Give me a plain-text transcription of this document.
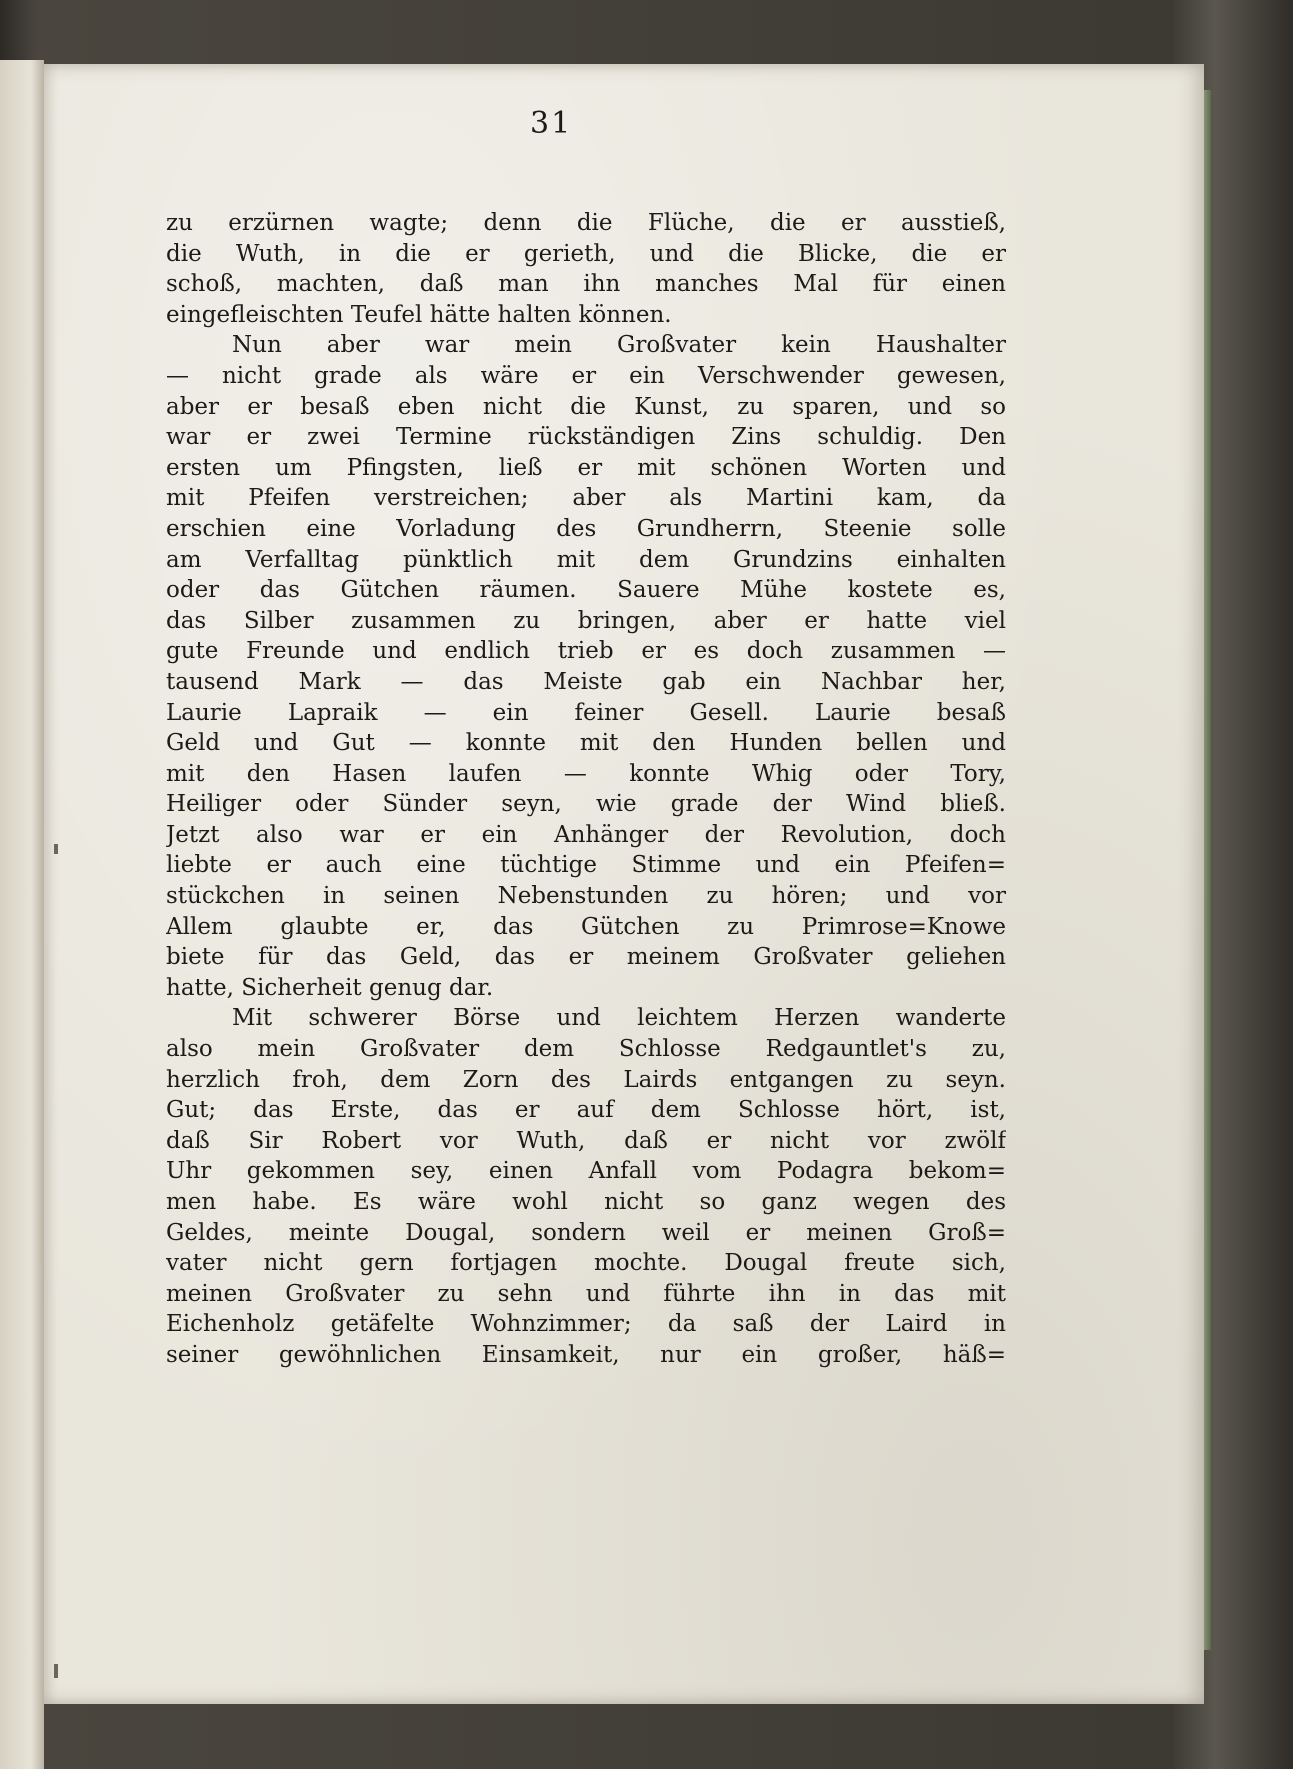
31
zu erzürnen wagte; denn die Flüche, die er ausstieß,
die Wuth, in die er gerieth, und die Blicke, die er
schoß, machten, daß man ihn manches Mal für einen
eingefleischten Teufel hätte halten können.
Nun aber war mein Großvater kein Haushalter
— nicht grade als wäre er ein Verschwender gewesen,
aber er besaß eben nicht die Kunst, zu sparen, und so
war er zwei Termine rückständigen Zins schuldig. Den
ersten um Pfingsten, ließ er mit schönen Worten und
mit Pfeifen verstreichen; aber als Martini kam, da
erschien eine Vorladung des Grundherrn, Steenie solle
am Verfalltag pünktlich mit dem Grundzins einhalten
oder das Gütchen räumen. Sauere Mühe kostete es,
das Silber zusammen zu bringen, aber er hatte viel
gute Freunde und endlich trieb er es doch zusammen —
tausend Mark — das Meiste gab ein Nachbar her,
Laurie Lapraik — ein feiner Gesell. Laurie besaß
Geld und Gut — konnte mit den Hunden bellen und
mit den Hasen laufen — konnte Whig oder Tory,
Heiliger oder Sünder seyn, wie grade der Wind bließ.
Jetzt also war er ein Anhänger der Revolution, doch
liebte er auch eine tüchtige Stimme und ein Pfeifen=
stückchen in seinen Nebenstunden zu hören; und vor
Allem glaubte er, das Gütchen zu Primrose=Knowe
biete für das Geld, das er meinem Großvater geliehen
hatte, Sicherheit genug dar.
Mit schwerer Börse und leichtem Herzen wanderte
also mein Großvater dem Schlosse Redgauntlet's zu,
herzlich froh, dem Zorn des Lairds entgangen zu seyn.
Gut; das Erste, das er auf dem Schlosse hört, ist,
daß Sir Robert vor Wuth, daß er nicht vor zwölf
Uhr gekommen sey, einen Anfall vom Podagra bekom=
men habe. Es wäre wohl nicht so ganz wegen des
Geldes, meinte Dougal, sondern weil er meinen Groß=
vater nicht gern fortjagen mochte. Dougal freute sich,
meinen Großvater zu sehn und führte ihn in das mit
Eichenholz getäfelte Wohnzimmer; da saß der Laird in
seiner gewöhnlichen Einsamkeit, nur ein großer, häß=
